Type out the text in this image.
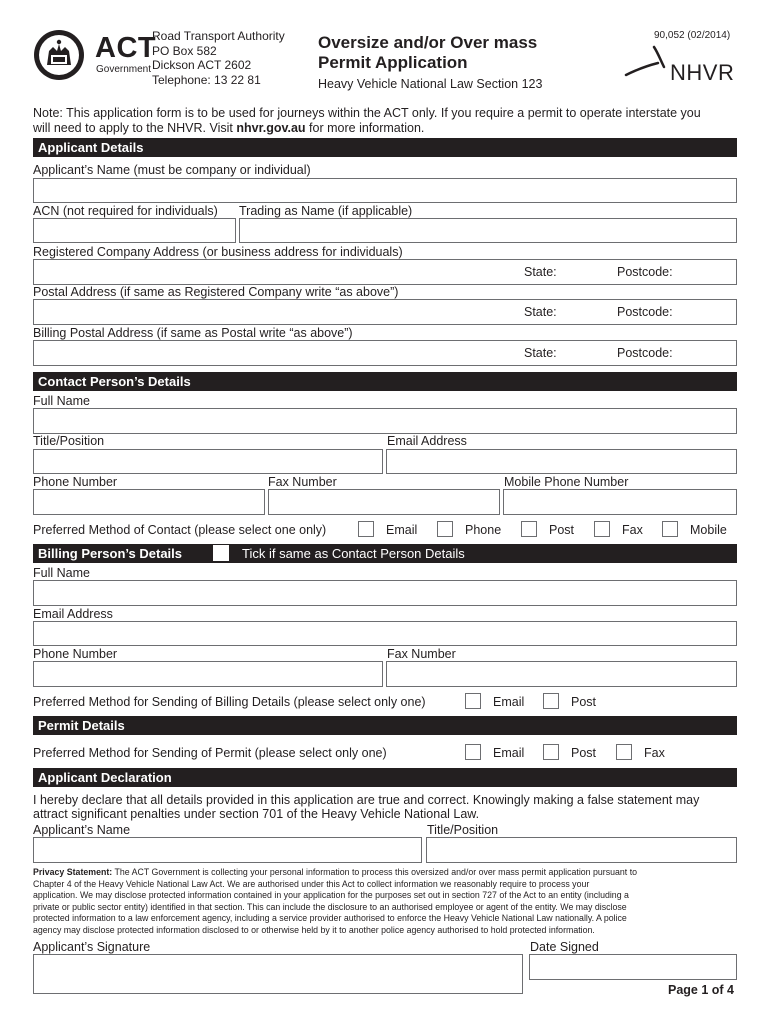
ACT
Government
Road Transport Authority
PO Box 582
Dickson ACT 2602
Telephone: 13 22 81
Oversize and/or Over mass
Permit Application
Heavy Vehicle National Law Section 123
90,052 (02/2014)
NHVR
Note: This application form is to be used for journeys within the ACT only. If you require a permit to operate interstate you
will need to apply to the NHVR. Visit nhvr.gov.au for more information.
Applicant Details
Applicant’s Name (must be company or individual)
ACN (not required for individuals) Trading as Name (if applicable)
Registered Company Address (or business address for individuals)
State:	Postcode:
Postal Address (if same as Registered Company write “as above”)
State:	Postcode:
Billing Postal Address (if same as Postal write “as above”)
State:	Postcode:
Contact Person’s Details
Full Name
Title/Position	Email Address
Phone Number	Fax Number	Mobile Phone Number
Preferred Method of Contact (please select one only)	Email	Phone	Post	Fax	Mobile
Billing Person’s Details	Tick if same as Contact Person Details
Full Name
Email Address
Phone Number	Fax Number
Preferred Method for Sending of Billing Details (please select only one)	Email	Post
Permit Details
Preferred Method for Sending of Permit (please select only one)	Email	Post	Fax
Applicant Declaration
I hereby declare that all details provided in this application are true and correct. Knowingly making a false statement may
attract significant penalties under section 701 of the Heavy Vehicle National Law.
Applicant’s Name	Title/Position
Privacy Statement: The ACT Government is collecting your personal information to process this oversized and/or over mass permit application pursuant to
Chapter 4 of the Heavy Vehicle National Law Act. We are authorised under this Act to collect information we reasonably require to process your
application. We may disclose protected information contained in your application for the purposes set out in section 727 of the Act to an entity (including a
private or public sector entity) identified in that section. This can include the disclosure to an authorised employee or agent of the entity. We may disclose
protected information to a law enforcement agency, including a service provider authorised to enforce the Heavy Vehicle National Law nationally. A police
agency may disclose protected information disclosed to or otherwise held by it to another police agency authorised to hold protected information.
Applicant’s Signature	Date Signed
Page 1 of 4
